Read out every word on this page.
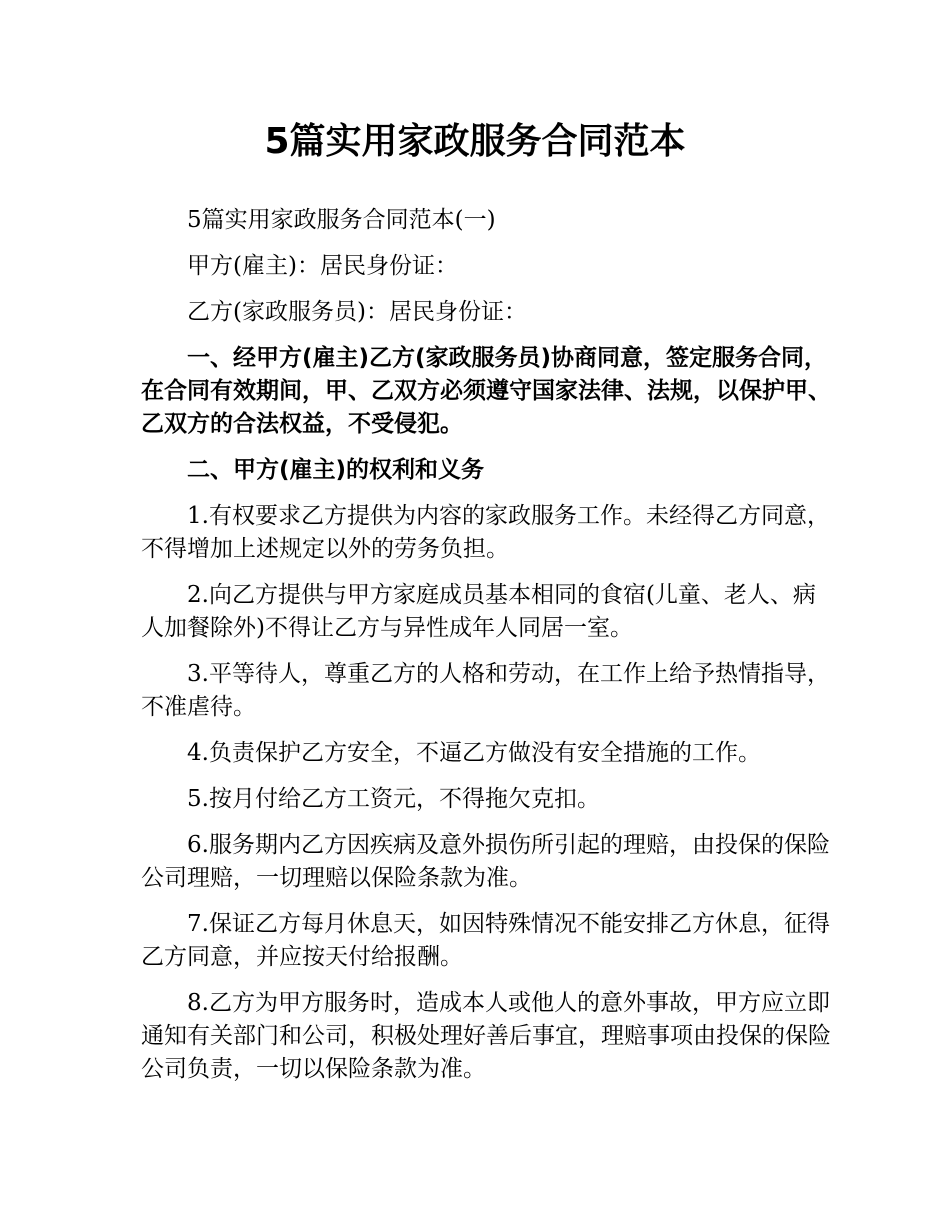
5篇实用家政服务合同范本

5篇实用家政服务合同范本(一)

甲方(雇主)：居民身份证：

乙方(家政服务员)：居民身份证：

一、经甲方(雇主)乙方(家政服务员)协商同意，签定服务合同，在合同有效期间，甲、乙双方必须遵守国家法律、法规，以保护甲、乙双方的合法权益，不受侵犯。

二、甲方(雇主)的权利和义务

1.有权要求乙方提供为内容的家政服务工作。未经得乙方同意，不得增加上述规定以外的劳务负担。

2.向乙方提供与甲方家庭成员基本相同的食宿(儿童、老人、病人加餐除外)不得让乙方与异性成年人同居一室。

3.平等待人，尊重乙方的人格和劳动，在工作上给予热情指导，不准虐待。

4.负责保护乙方安全，不逼乙方做没有安全措施的工作。

5.按月付给乙方工资元，不得拖欠克扣。

6.服务期内乙方因疾病及意外损伤所引起的理赔，由投保的保险公司理赔，一切理赔以保险条款为准。

7.保证乙方每月休息天，如因特殊情况不能安排乙方休息，征得乙方同意，并应按天付给报酬。

8.乙方为甲方服务时，造成本人或他人的意外事故，甲方应立即通知有关部门和公司，积极处理好善后事宜，理赔事项由投保的保险公司负责，一切以保险条款为准。
